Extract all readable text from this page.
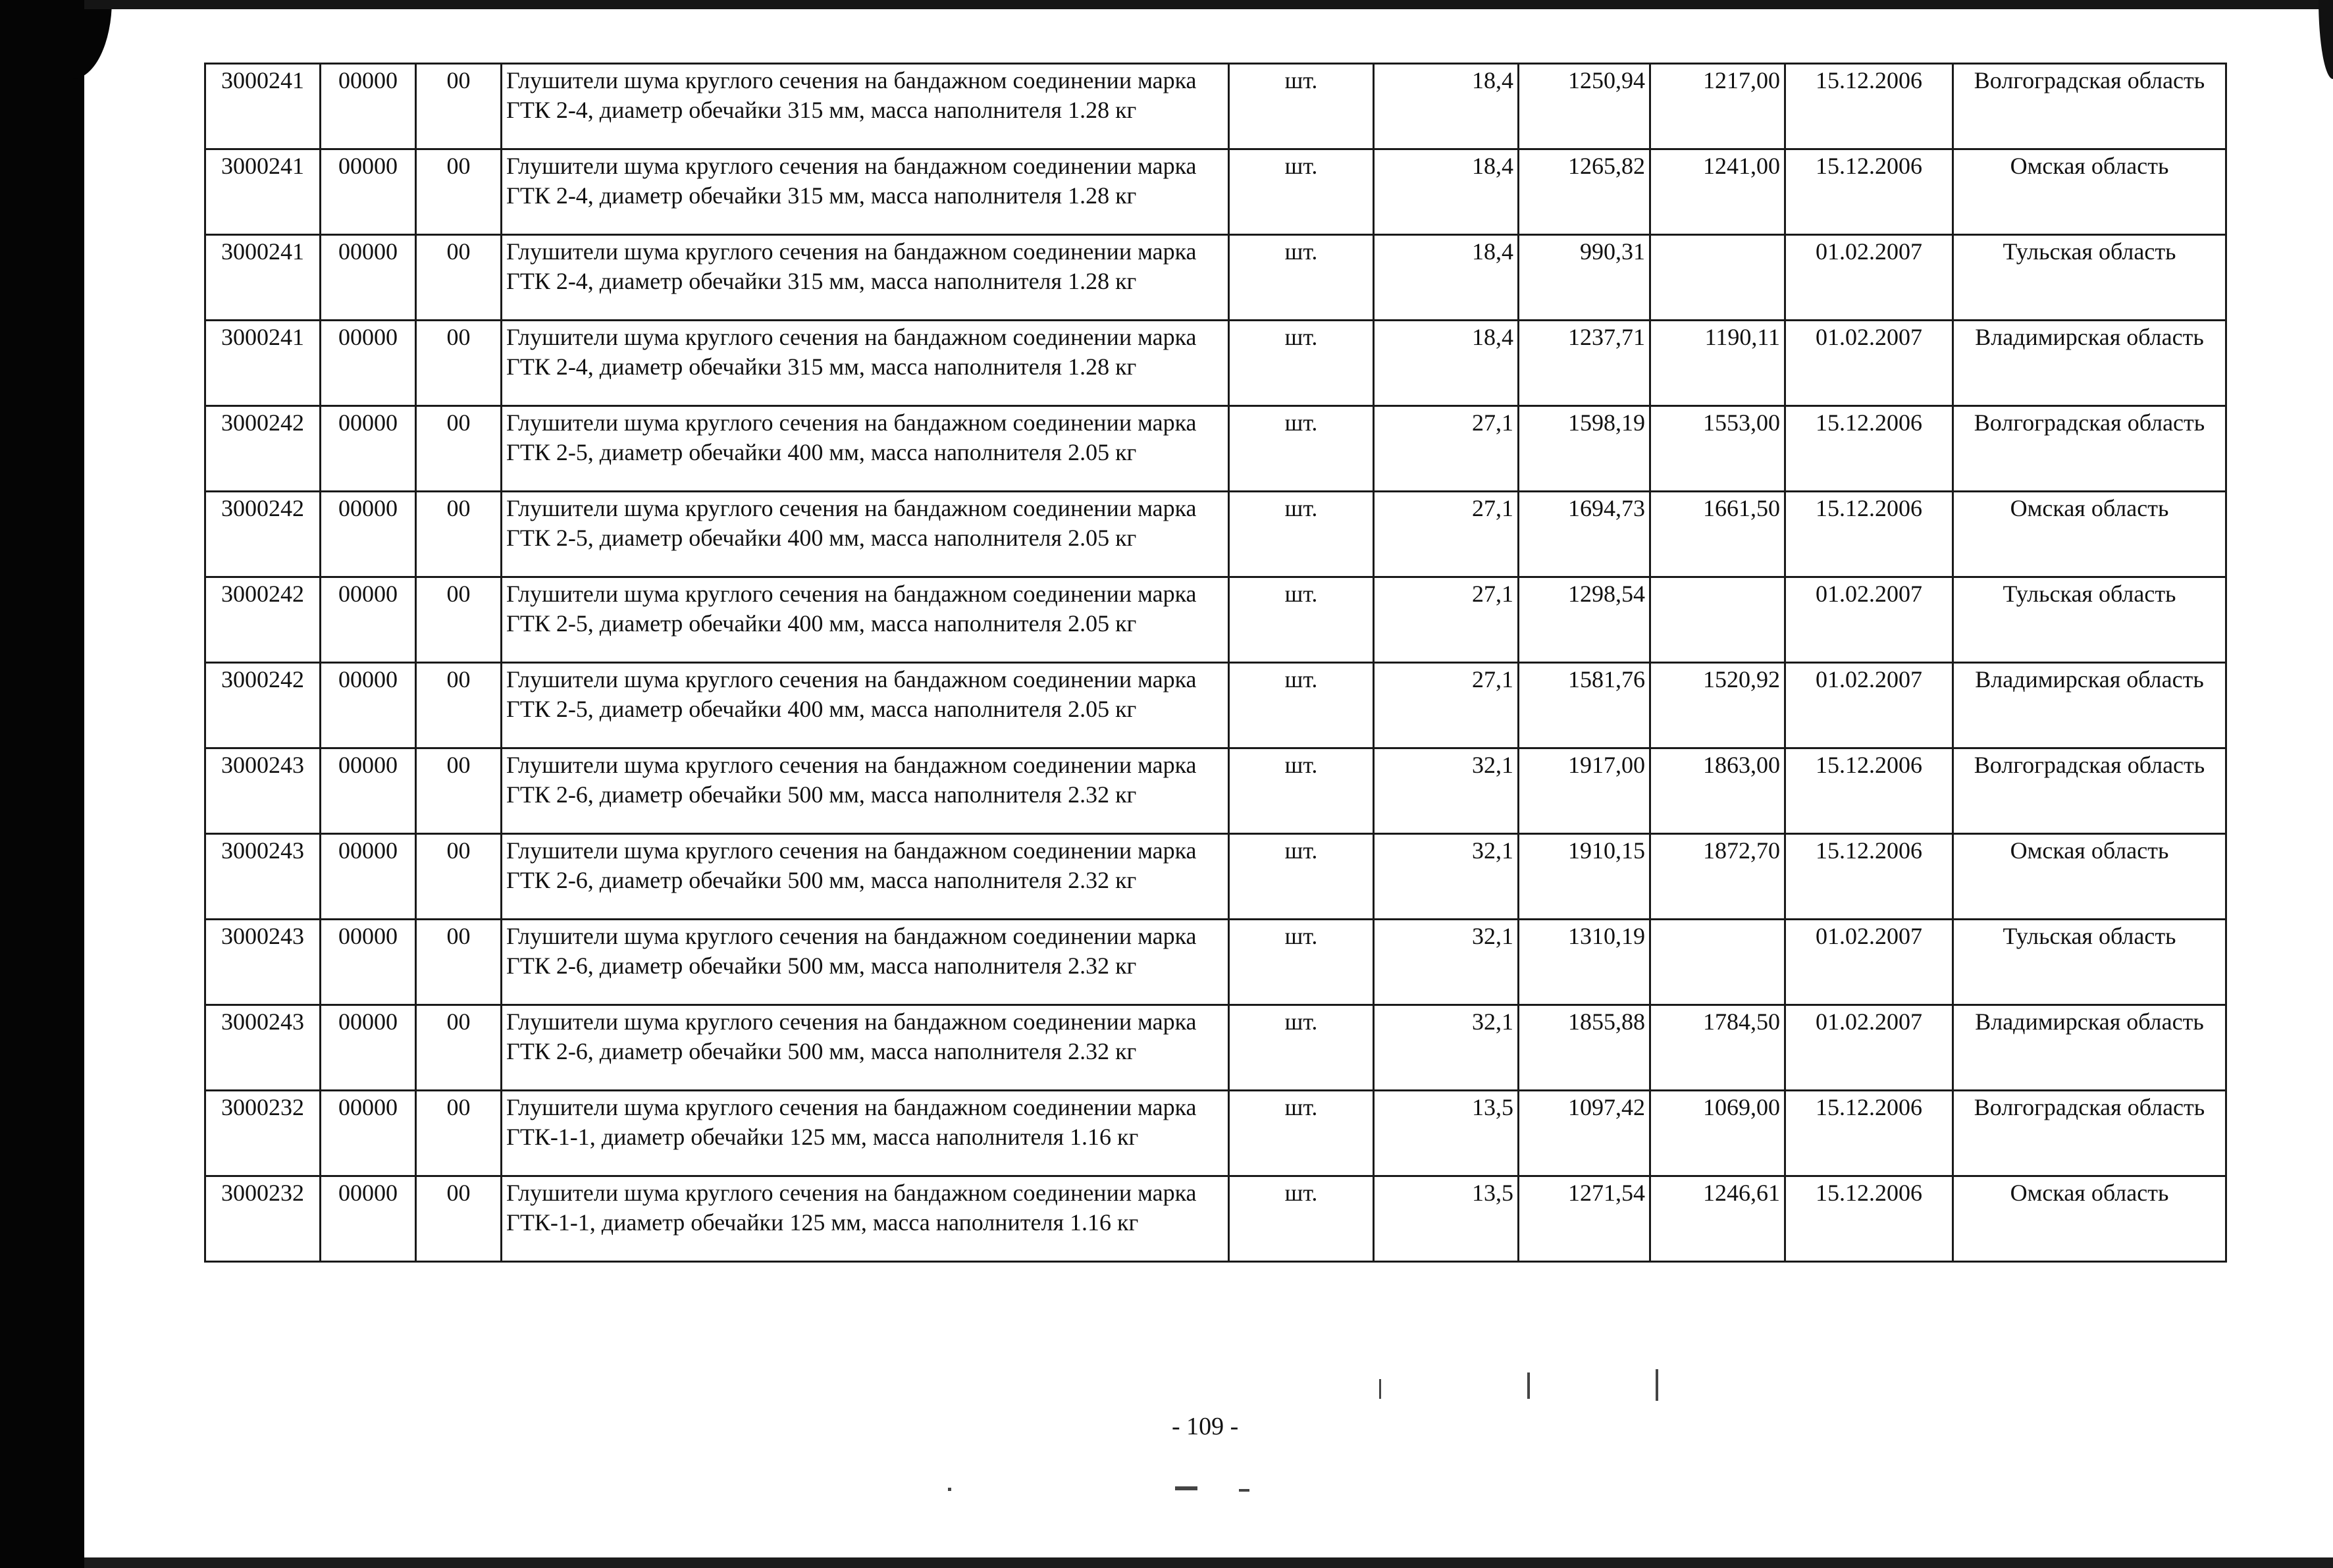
3000241	00000	00	Глушители шума круглого сечения на бандажном соединении марка ГТК 2-4, диаметр обечайки 315 мм, масса наполнителя 1.28 кг	шт.	18,4	1250,94	1217,00	15.12.2006	Волгоградская область
3000241	00000	00	Глушители шума круглого сечения на бандажном соединении марка ГТК 2-4, диаметр обечайки 315 мм, масса наполнителя 1.28 кг	шт.	18,4	1265,82	1241,00	15.12.2006	Омская область
3000241	00000	00	Глушители шума круглого сечения на бандажном соединении марка ГТК 2-4, диаметр обечайки 315 мм, масса наполнителя 1.28 кг	шт.	18,4	990,31		01.02.2007	Тульская область
3000241	00000	00	Глушители шума круглого сечения на бандажном соединении марка ГТК 2-4, диаметр обечайки 315 мм, масса наполнителя 1.28 кг	шт.	18,4	1237,71	1190,11	01.02.2007	Владимирская область
3000242	00000	00	Глушители шума круглого сечения на бандажном соединении марка ГТК 2-5, диаметр обечайки 400 мм, масса наполнителя 2.05 кг	шт.	27,1	1598,19	1553,00	15.12.2006	Волгоградская область
3000242	00000	00	Глушители шума круглого сечения на бандажном соединении марка ГТК 2-5, диаметр обечайки 400 мм, масса наполнителя 2.05 кг	шт.	27,1	1694,73	1661,50	15.12.2006	Омская область
3000242	00000	00	Глушители шума круглого сечения на бандажном соединении марка ГТК 2-5, диаметр обечайки 400 мм, масса наполнителя 2.05 кг	шт.	27,1	1298,54		01.02.2007	Тульская область
3000242	00000	00	Глушители шума круглого сечения на бандажном соединении марка ГТК 2-5, диаметр обечайки 400 мм, масса наполнителя 2.05 кг	шт.	27,1	1581,76	1520,92	01.02.2007	Владимирская область
3000243	00000	00	Глушители шума круглого сечения на бандажном соединении марка ГТК 2-6, диаметр обечайки 500 мм, масса наполнителя 2.32 кг	шт.	32,1	1917,00	1863,00	15.12.2006	Волгоградская область
3000243	00000	00	Глушители шума круглого сечения на бандажном соединении марка ГТК 2-6, диаметр обечайки 500 мм, масса наполнителя 2.32 кг	шт.	32,1	1910,15	1872,70	15.12.2006	Омская область
3000243	00000	00	Глушители шума круглого сечения на бандажном соединении марка ГТК 2-6, диаметр обечайки 500 мм, масса наполнителя 2.32 кг	шт.	32,1	1310,19		01.02.2007	Тульская область
3000243	00000	00	Глушители шума круглого сечения на бандажном соединении марка ГТК 2-6, диаметр обечайки 500 мм, масса наполнителя 2.32 кг	шт.	32,1	1855,88	1784,50	01.02.2007	Владимирская область
3000232	00000	00	Глушители шума круглого сечения на бандажном соединении марка ГТК-1-1, диаметр обечайки 125 мм, масса наполнителя 1.16 кг	шт.	13,5	1097,42	1069,00	15.12.2006	Волгоградская область
3000232	00000	00	Глушители шума круглого сечения на бандажном соединении марка ГТК-1-1, диаметр обечайки 125 мм, масса наполнителя 1.16 кг	шт.	13,5	1271,54	1246,61	15.12.2006	Омская область
- 109 -
